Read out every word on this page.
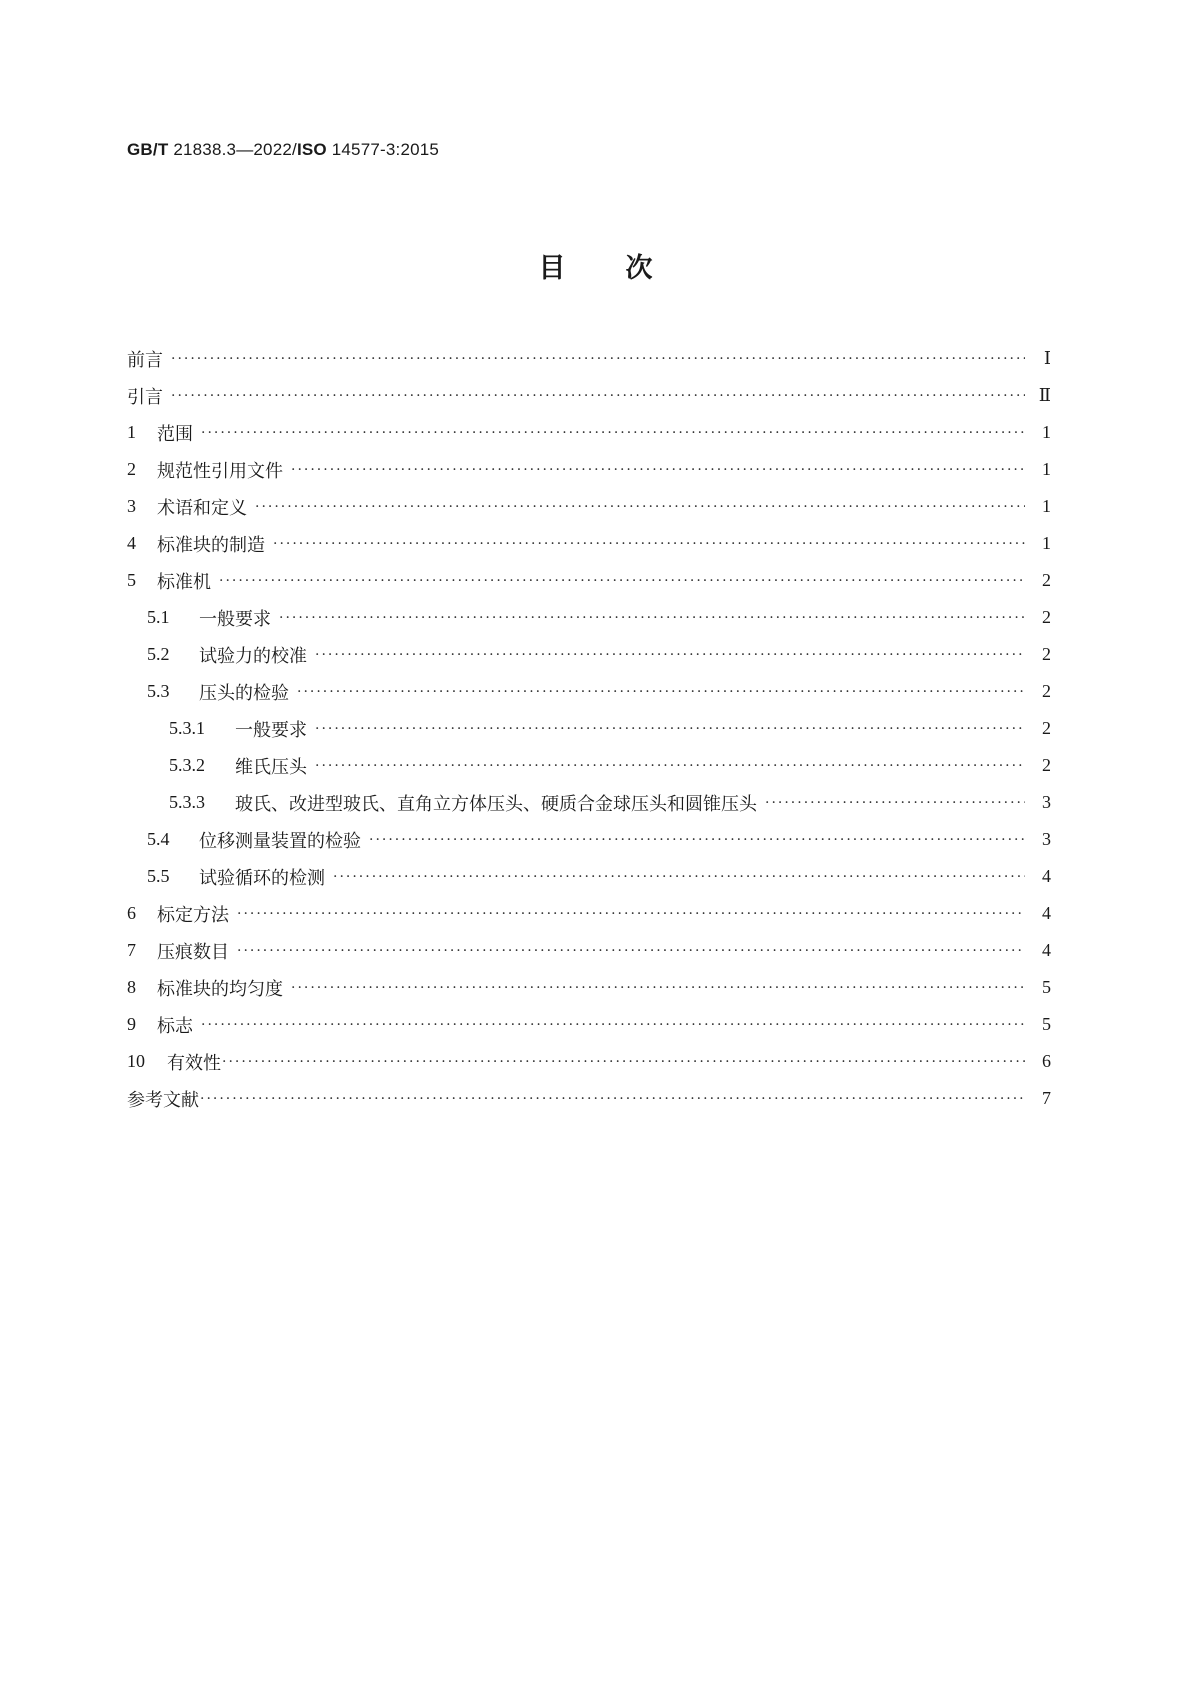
GB/T 21838.3—2022/ISO 14577-3:2015
目次
前言 ·····	Ⅰ
引言 ·····	Ⅱ
1	范围 ·····	1
2	规范性引用文件 ·····	1
3	术语和定义 ·····	1
4	标准块的制造 ·····	1
5	标准机 ·····	2
5.1	一般要求 ·····	2
5.2	试验力的校准 ·····	2
5.3	压头的检验 ·····	2
5.3.1	一般要求 ·····	2
5.3.2	维氏压头 ·····	2
5.3.3	玻氏、改进型玻氏、直角立方体压头、硬质合金球压头和圆锥压头 ·····	3
5.4	位移测量装置的检验 ·····	3
5.5	试验循环的检测 ·····	4
6	标定方法 ·····	4
7	压痕数目 ·····	4
8	标准块的均匀度 ·····	5
9	标志 ·····	5
10	有效性 ·····	6
参考文献 ·····	7
